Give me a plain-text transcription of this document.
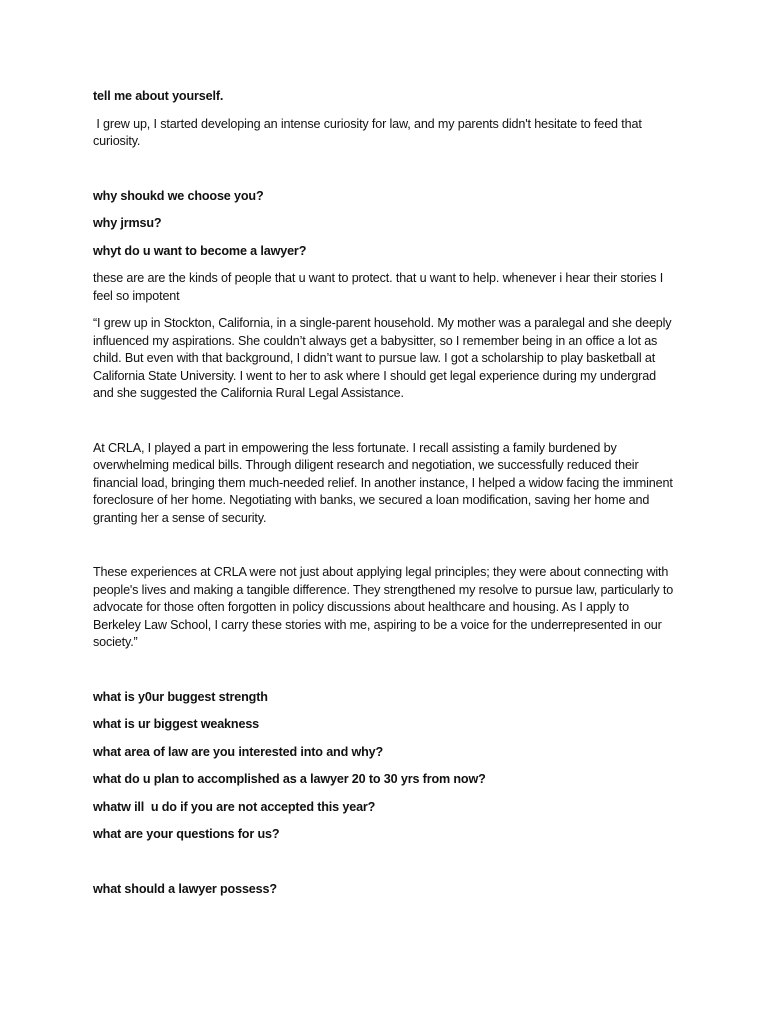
tell me about yourself.
I grew up, I started developing an intense curiosity for law, and my parents didn't hesitate to feed that curiosity.
why shoukd we choose you?
why jrmsu?
whyt do u want to become a lawyer?
these are are the kinds of people that u want to protect. that u want to help. whenever i hear their stories I feel so impotent
“I grew up in Stockton, California, in a single-parent household. My mother was a paralegal and she deeply influenced my aspirations. She couldn’t always get a babysitter, so I remember being in an office a lot as child. But even with that background, I didn’t want to pursue law. I got a scholarship to play basketball at California State University. I went to her to ask where I should get legal experience during my undergrad and she suggested the California Rural Legal Assistance.
At CRLA, I played a part in empowering the less fortunate. I recall assisting a family burdened by overwhelming medical bills. Through diligent research and negotiation, we successfully reduced their financial load, bringing them much-needed relief. In another instance, I helped a widow facing the imminent foreclosure of her home. Negotiating with banks, we secured a loan modification, saving her home and granting her a sense of security.
These experiences at CRLA were not just about applying legal principles; they were about connecting with people's lives and making a tangible difference. They strengthened my resolve to pursue law, particularly to advocate for those often forgotten in policy discussions about healthcare and housing. As I apply to Berkeley Law School, I carry these stories with me, aspiring to be a voice for the underrepresented in our society.”
what is y0ur buggest strength
what is ur biggest weakness
what area of law are you interested into and why?
what do u plan to accomplished as a lawyer 20 to 30 yrs from now?
whatw ill  u do if you are not accepted this year?
what are your questions for us?
what should a lawyer possess?
